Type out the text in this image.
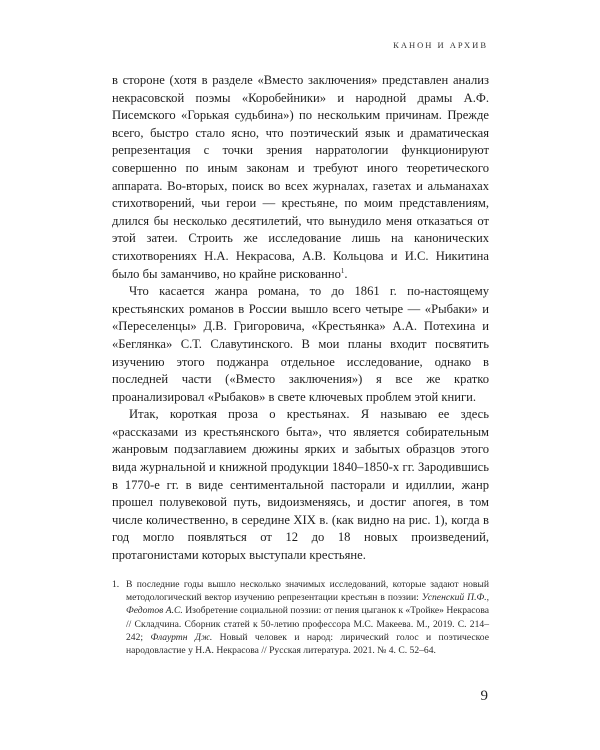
КАНОН И АРХИВ

в стороне (хотя в разделе «Вместо заключения» представлен анализ некрасовской поэмы «Коробейники» и народной драмы А.Ф. Писемского «Горькая судьбина») по нескольким причинам. Прежде всего, быстро стало ясно, что поэтический язык и драматическая репрезентация с точки зрения нарратологии функционируют совершенно по иным законам и требуют иного теоретического аппарата. Во-вторых, поиск во всех журналах, газетах и альманахах стихотворений, чьи герои — крестьяне, по моим представлениям, длился бы несколько десятилетий, что вынудило меня отказаться от этой затеи. Строить же исследование лишь на канонических стихотворениях Н.А. Некрасова, А.В. Кольцова и И.С. Никитина было бы заманчиво, но крайне рискованно$^1$.

Что касается жанра романа, то до 1861 г. по-настоящему крестьянских романов в России вышло всего четыре — «Рыбаки» и «Переселенцы» Д.В. Григоровича, «Крестьянка» А.А. Потехина и «Беглянка» С.Т. Славутинского. В мои планы входит посвятить изучению этого поджанра отдельное исследование, однако в последней части («Вместо заключения») я все же кратко проанализировал «Рыбаков» в свете ключевых проблем этой книги.

Итак, короткая проза о крестьянах. Я называю ее здесь «рассказами из крестьянского быта», что является собирательным жанровым подзаглавием дюжины ярких и забытых образцов этого вида журнальной и книжной продукции 1840–1850-х гг. Зародившись в 1770-е гг. в виде сентиментальной пасторали и идиллии, жанр прошел полувековой путь, видоизменяясь, и достиг апогея, в том числе количественно, в середине XIX в. (как видно на рис. 1), когда в год могло появляться от 12 до 18 новых произведений, протагонистами которых выступали крестьяне.

1. В последние годы вышло несколько значимых исследований, которые задают новый методологический вектор изучению репрезентации крестьян в поэзии: Успенский П.Ф., Федотов А.С. Изобретение социальной поэзии: от пения цыганок к «Тройке» Некрасова // Складчина. Сборник статей к 50-летию профессора М.С. Макеева. М., 2019. С. 214–242; Флауртн Дж. Новый человек и народ: лирический голос и поэтическое народовластие у Н.А. Некрасова // Русская литература. 2021. № 4. С. 52–64.
9
